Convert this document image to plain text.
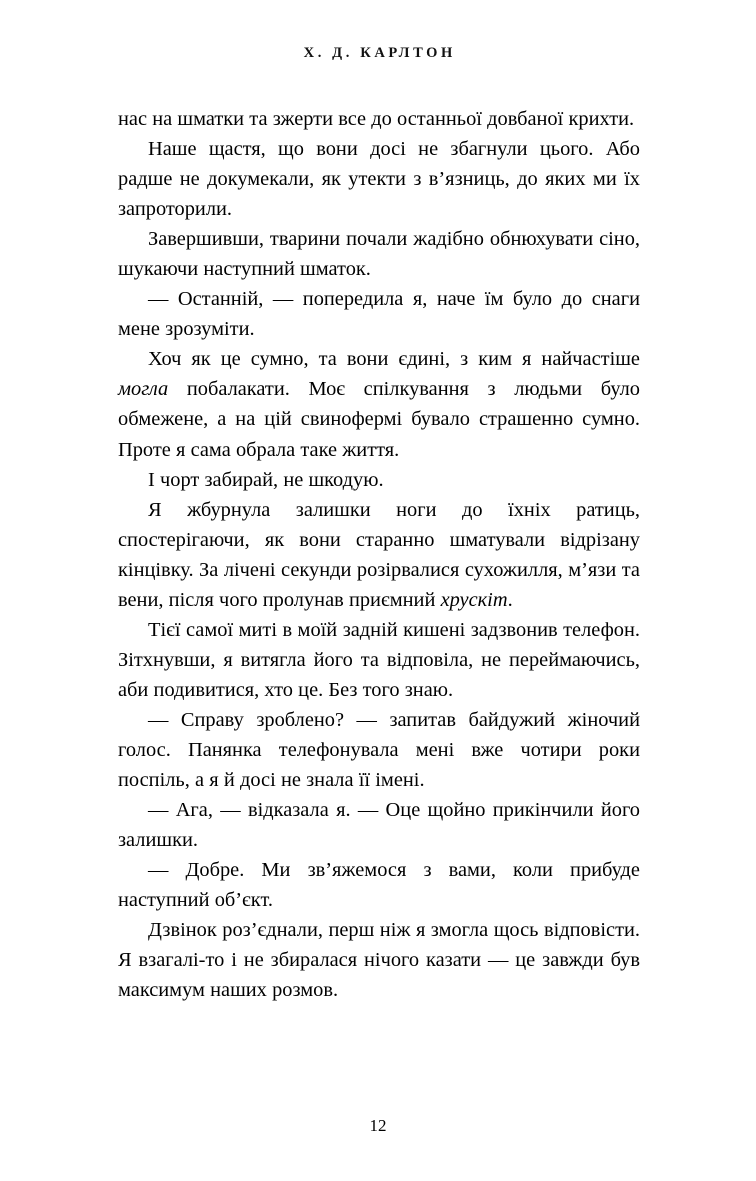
Х. Д. КАРЛТОН

нас на шматки та зжерти все до останньої довбаної крихти.

Наше щастя, що вони досі не збагнули цього. Або радше не докумекали, як утекти з в’язниць, до яких ми їх запроторили.

Завершивши, тварини почали жадібно обнюхувати сіно, шукаючи наступний шматок.

— Останній, — попередила я, наче їм було до снаги мене зрозуміти.

Хоч як це сумно, та вони єдині, з ким я найчастіше могла побалакати. Моє спілкування з людьми було обмежене, а на цій свинофермі бувало страшенно сумно. Проте я сама обрала таке життя.

І чорт забирай, не шкодую.

Я жбурнула залишки ноги до їхніх ратиць, спостерігаючи, як вони старанно шматували відрізану кінцівку. За лічені секунди розірвалися сухожилля, м’язи та вени, після чого пролунав приємний хрускіт.

Тієї самої миті в моїй задній кишені задзвонив телефон. Зітхнувши, я витягла його та відповіла, не переймаючись, аби подивитися, хто це. Без того знаю.

— Справу зроблено? — запитав байдужий жіночий голос. Панянка телефонувала мені вже чотири роки поспіль, а я й досі не знала її імені.

— Ага, — відказала я. — Оце щойно прикінчили його залишки.

— Добре. Ми зв’яжемося з вами, коли прибуде наступний об’єкт.

Дзвінок роз’єднали, перш ніж я змогла щось відповісти. Я взагалі-то і не збиралася нічого казати — це завжди був максимум наших розмов.

12
